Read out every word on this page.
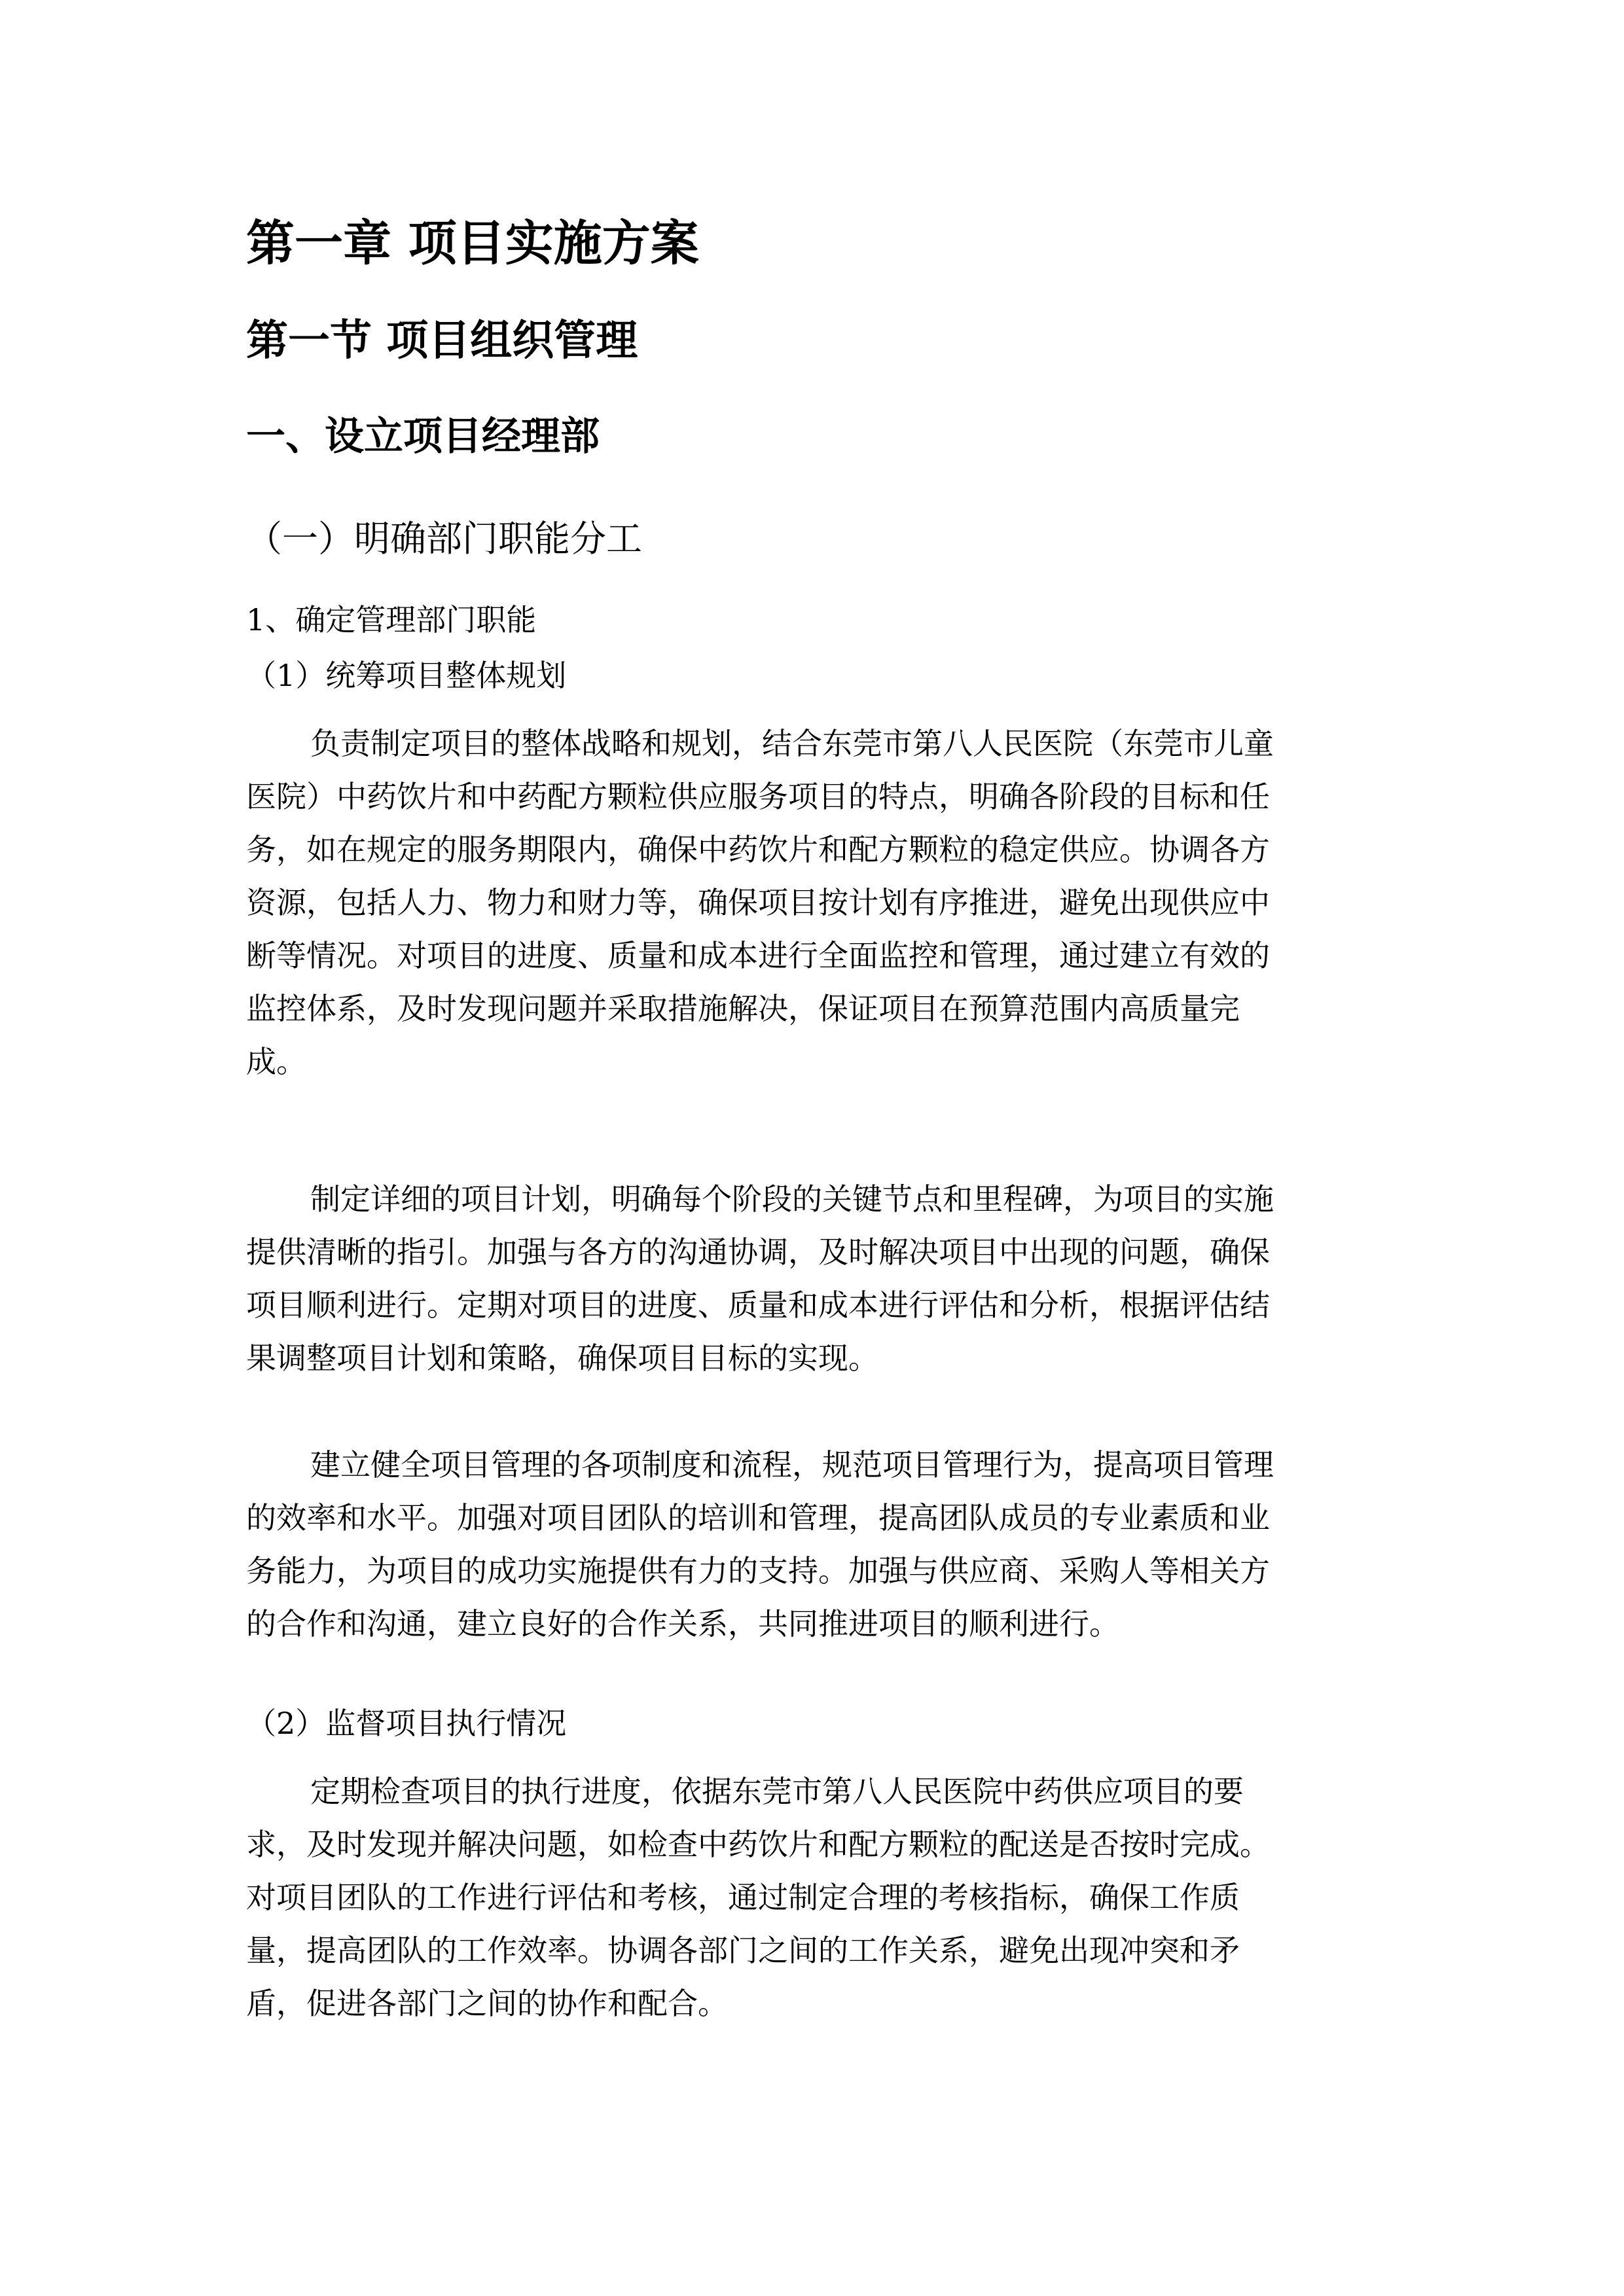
第一章 项目实施方案
第一节 项目组织管理
一、设立项目经理部
（一）明确部门职能分工
1、确定管理部门职能
（1）统筹项目整体规划
负责制定项目的整体战略和规划，结合东莞市第八人民医院（东莞市儿童
医院）中药饮片和中药配方颗粒供应服务项目的特点，明确各阶段的目标和任
务，如在规定的服务期限内，确保中药饮片和配方颗粒的稳定供应。协调各方
资源，包括人力、物力和财力等，确保项目按计划有序推进，避免出现供应中
断等情况。对项目的进度、质量和成本进行全面监控和管理，通过建立有效的
监控体系，及时发现问题并采取措施解决，保证项目在预算范围内高质量完
成。
制定详细的项目计划，明确每个阶段的关键节点和里程碑，为项目的实施
提供清晰的指引。加强与各方的沟通协调，及时解决项目中出现的问题，确保
项目顺利进行。定期对项目的进度、质量和成本进行评估和分析，根据评估结
果调整项目计划和策略，确保项目目标的实现。
建立健全项目管理的各项制度和流程，规范项目管理行为，提高项目管理
的效率和水平。加强对项目团队的培训和管理，提高团队成员的专业素质和业
务能力，为项目的成功实施提供有力的支持。加强与供应商、采购人等相关方
的合作和沟通，建立良好的合作关系，共同推进项目的顺利进行。
（2）监督项目执行情况
定期检查项目的执行进度，依据东莞市第八人民医院中药供应项目的要
求，及时发现并解决问题，如检查中药饮片和配方颗粒的配送是否按时完成。
对项目团队的工作进行评估和考核，通过制定合理的考核指标，确保工作质
量，提高团队的工作效率。协调各部门之间的工作关系，避免出现冲突和矛
盾，促进各部门之间的协作和配合。
